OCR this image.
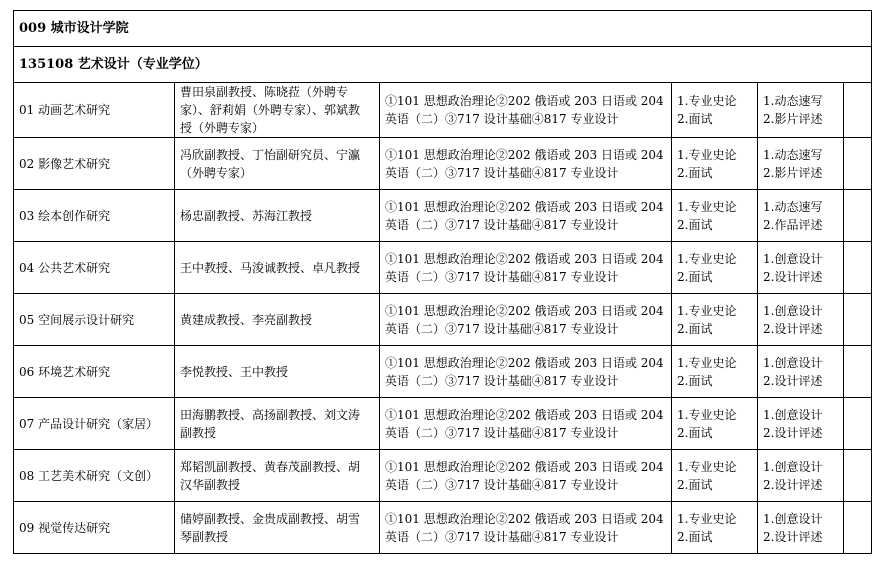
009 城市设计学院					
135108 艺术设计（专业学位）					
01 动画艺术研究	曹田泉副教授、陈晓菈（外聘专
家）、舒莉娟（外聘专家）、郭斌教
授（外聘专家）	①101 思想政治理论②202 俄语或 203 日语或 204
英语（二）③717 设计基础④817 专业设计	1.专业史论
2.面试	1.动态速写
2.影片评述	

02 影像艺术研究	冯欣副教授、丁怡副研究员、宁瀛
（外聘专家）	①101 思想政治理论②202 俄语或 203 日语或 204
英语（二）③717 设计基础④817 专业设计	1.专业史论
2.面试	1.动态速写
2.影片评述	

03 绘本创作研究	杨忠副教授、苏海江教授	①101 思想政治理论②202 俄语或 203 日语或 204
英语（二）③717 设计基础④817 专业设计	1.专业史论
2.面试	1.动态速写
2.作品评述	

04 公共艺术研究	王中教授、马浚诚教授、卓凡教授	①101 思想政治理论②202 俄语或 203 日语或 204
英语（二）③717 设计基础④817 专业设计	1.专业史论
2.面试	1.创意设计
2.设计评述	

05 空间展示设计研究	黄建成教授、李亮副教授	①101 思想政治理论②202 俄语或 203 日语或 204
英语（二）③717 设计基础④817 专业设计	1.专业史论
2.面试	1.创意设计
2.设计评述	

06 环境艺术研究	李悦教授、王中教授	①101 思想政治理论②202 俄语或 203 日语或 204
英语（二）③717 设计基础④817 专业设计	1.专业史论
2.面试	1.创意设计
2.设计评述	

07 产品设计研究（家居）	田海鹏教授、高扬副教授、刘文涛
副教授	①101 思想政治理论②202 俄语或 203 日语或 204
英语（二）③717 设计基础④817 专业设计	1.专业史论
2.面试	1.创意设计
2.设计评述	

08 工艺美术研究（文创）	郑韬凯副教授、黄春茂副教授、胡
汉华副教授	①101 思想政治理论②202 俄语或 203 日语或 204
英语（二）③717 设计基础④817 专业设计	1.专业史论
2.面试	1.创意设计
2.设计评述	

09 视觉传达研究	储婷副教授、金贵成副教授、胡雪
琴副教授	①101 思想政治理论②202 俄语或 203 日语或 204
英语（二）③717 设计基础④817 专业设计	1.专业史论
2.面试	1.创意设计
2.设计评述	
